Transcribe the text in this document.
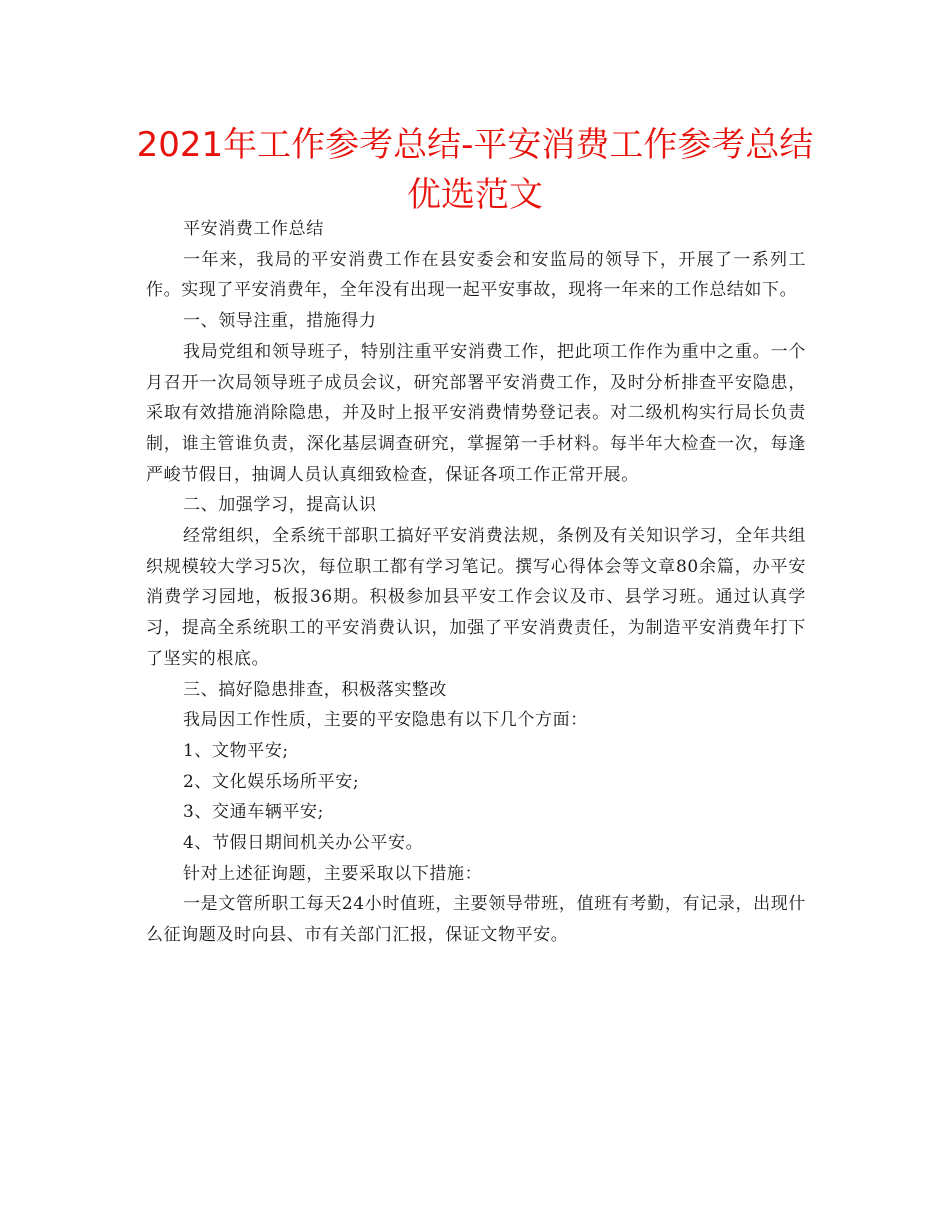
2021年工作参考总结-平安消费工作参考总结优选范文

平安消费工作总结

一年来，我局的平安消费工作在县安委会和安监局的领导下，开展了一系列工作。实现了平安消费年，全年没有出现一起平安事故，现将一年来的工作总结如下。

一、领导注重，措施得力

我局党组和领导班子，特别注重平安消费工作，把此项工作作为重中之重。一个月召开一次局领导班子成员会议，研究部署平安消费工作，及时分析排查平安隐患，采取有效措施消除隐患，并及时上报平安消费情势登记表。对二级机构实行局长负责制，谁主管谁负责，深化基层调查研究，掌握第一手材料。每半年大检查一次，每逢严峻节假日，抽调人员认真细致检查，保证各项工作正常开展。

二、加强学习，提高认识

经常组织，全系统干部职工搞好平安消费法规，条例及有关知识学习，全年共组织规模较大学习5次，每位职工都有学习笔记。撰写心得体会等文章80余篇，办平安消费学习园地，板报36期。积极参加县平安工作会议及市、县学习班。通过认真学习，提高全系统职工的平安消费认识，加强了平安消费责任，为制造平安消费年打下了坚实的根底。

三、搞好隐患排查，积极落实整改

我局因工作性质，主要的平安隐患有以下几个方面：

1、文物平安;

2、文化娱乐场所平安;

3、交通车辆平安;

4、节假日期间机关办公平安。

针对上述征询题，主要采取以下措施：

一是文管所职工每天24小时值班，主要领导带班，值班有考勤，有记录，出现什么征询题及时向县、市有关部门汇报，保证文物平安。
